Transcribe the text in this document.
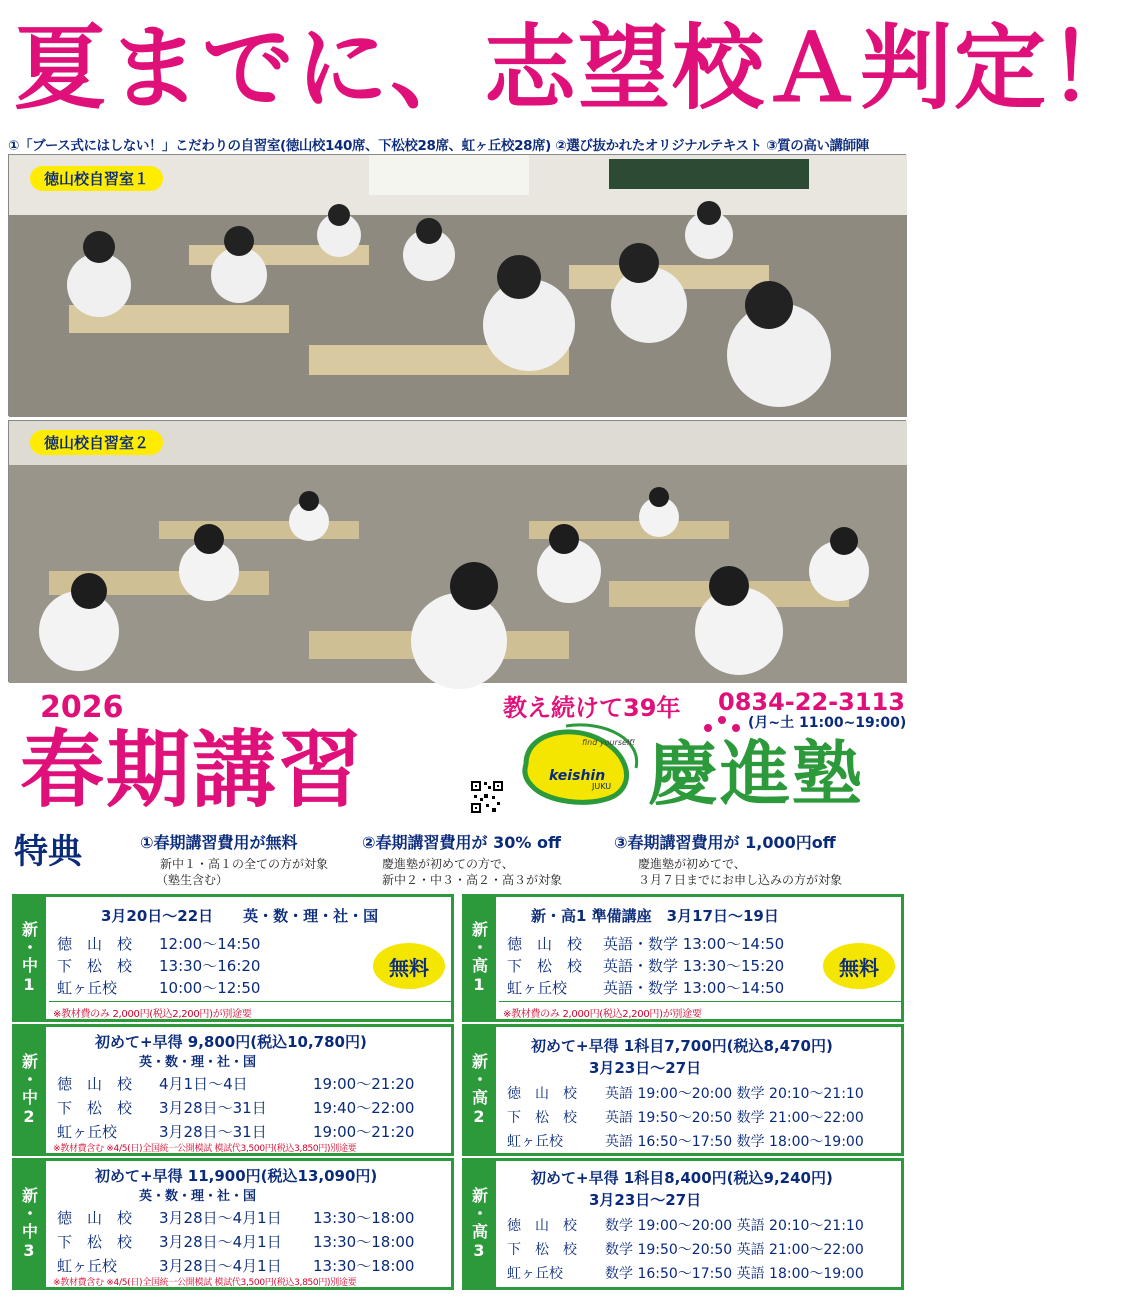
夏までに、志望校Ａ判定！
①「ブース式にはしない！」こだわりの自習室(徳山校140席、下松校28席、虹ヶ丘校28席) ②選び抜かれたオリジナルテキスト ③質の高い講師陣
徳山校自習室１
徳山校自習室２
2026
春期講習
教え続けて39年 0834-22-3113
(月~土 11:00~19:00)
find yourself!
keishin
JUKU 慶進塾
特典	①春期講習費用が無料
新中１・高１の全ての方が対象
（塾生含む）
②春期講習費用が 30% off
慶進塾が初めての方で、
新中２・中３・高２・高３が対象
③春期講習費用が 1,000円off
慶進塾が初めてで、
３月７日までにお申し込みの方が対象
新・中1
3月20日～22日　　英・数・理・社・国
徳　山　校 12:00～14:50
下　松　校 13:30～16:20
虹ヶ丘校	10:00～12:50
無料
※教材費のみ 2,000円(税込2,200円)が別途要
新・高1
新・高1 準備講座　3月17日～19日
徳　山　校 英語・数学 13:00～14:50
下　松　校 英語・数学 13:30～15:20
虹ヶ丘校 英語・数学 13:00～14:50
無料
※教材費のみ 2,000円(税込2,200円)が別途要
新・中2
初めて+早得 9,800円(税込10,780円)
英・数・理・社・国
徳　山　校 4月1日～4日	19:00～21:20
下　松　校 3月28日～31日	19:40～22:00
虹ヶ丘校	3月28日～31日	19:00～21:20
※教材費含む ※4/5(日)全国統一公開模試 模試代3,500円(税込3,850円)別途要
新・高2
初めて+早得 1科目7,700円(税込8,470円)
3月23日～27日
徳　山　校 英語 19:00～20:00 数学 20:10～21:10
下　松　校 英語 19:50～20:50 数学 21:00～22:00
虹ヶ丘校	英語 16:50～17:50 数学 18:00～19:00
新・中3
初めて+早得 11,900円(税込13,090円)
英・数・理・社・国
徳　山　校 3月28日～4月1日 13:30～18:00
下　松　校 3月28日～4月1日 13:30～18:00
虹ヶ丘校	3月28日～4月1日 13:30～18:00
※教材費含む ※4/5(日)全国統一公開模試 模試代3,500円(税込3,850円)別途要
新・高3
初めて+早得 1科目8,400円(税込9,240円)
3月23日～27日
徳　山　校 数学 19:00～20:00 英語 20:10～21:10
下　松　校 数学 19:50～20:50 英語 21:00～22:00
虹ヶ丘校	数学 16:50～17:50 英語 18:00～19:00
